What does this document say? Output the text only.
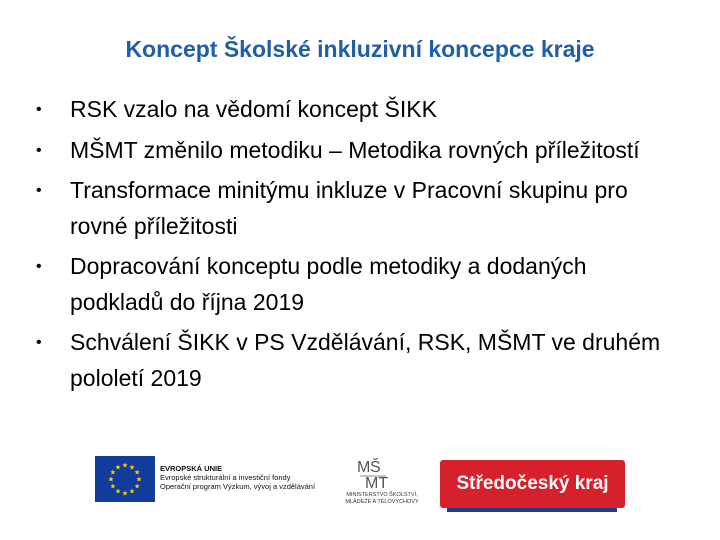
Koncept Školské inkluzivní koncepce kraje
• RSK vzalo na vědomí koncept ŠIKK
• MŠMT změnilo metodiku – Metodika rovných příležitostí
• Transformace minitýmu inkluze v Pracovní skupinu pro rovné příležitosti
• Dopracování konceptu podle metodiky a dodaných podkladů do října 2019
• Schválení ŠIKK v PS Vzdělávání, RSK, MŠMT ve druhém pololetí 2019
★ ★
★
★
★
★
★
★
★
★
★
★	EVROPSKÁ UNIE
Evropské strukturální a investiční fondy
Operační program Výzkum, vývoj a vzdělávání
M Š
MT
MINISTERSTVO ŠKOLSTVÍ,
MLÁDEŽE A TĚLOVÝCHOVY
Středočeský kraj
